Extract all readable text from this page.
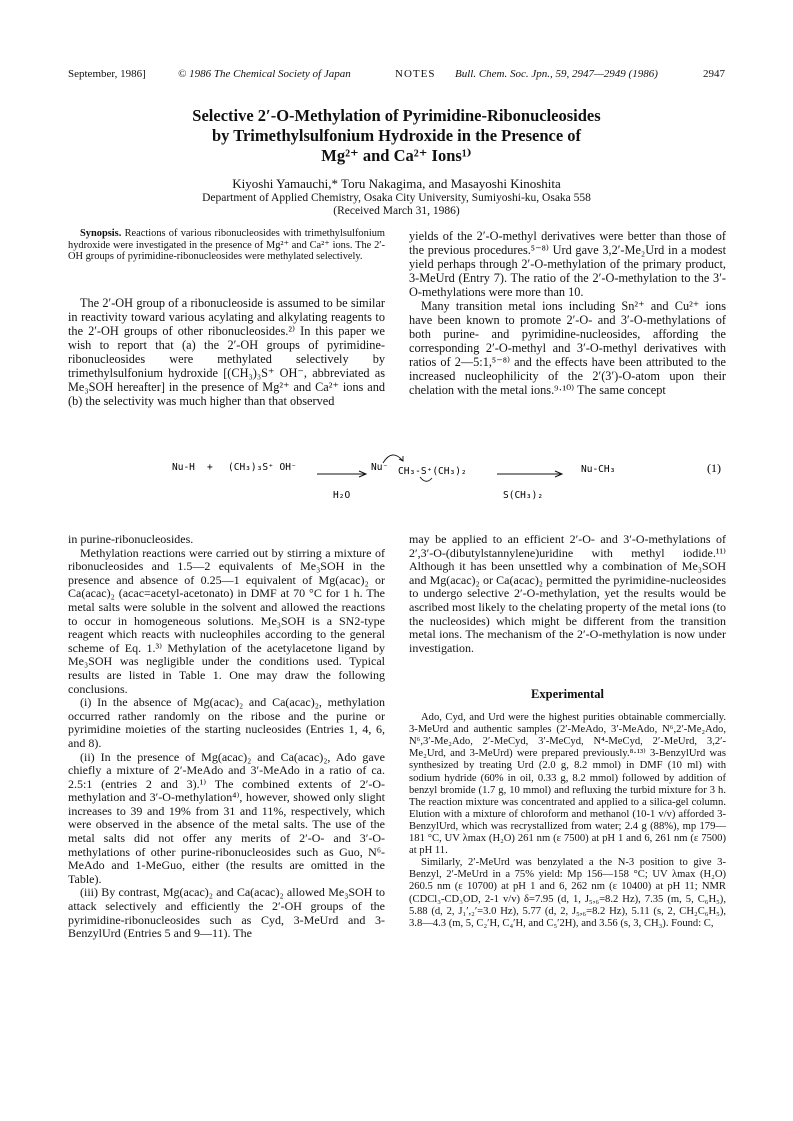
September, 1986]	© 1986 The Chemical Society of Japan	NOTES Bull. Chem. Soc. Jpn., 59, 2947—2949 (1986)	2947
Selective 2′-O-Methylation of Pyrimidine-Ribonucleosides
by Trimethylsulfonium Hydroxide in the Presence of
Mg²⁺ and Ca²⁺ Ions¹⁾
Kiyoshi Yamauchi,* Toru Nakagima, and Masayoshi Kinoshita
Department of Applied Chemistry, Osaka City University, Sumiyoshi-ku, Osaka 558
(Received March 31, 1986)

Synopsis. Reactions of various ribonucleosides with trimethylsulfonium hydroxide were investigated in the presence of Mg²⁺ and Ca²⁺ ions. The 2′-OH groups of pyrimidine-ribonucleosides were methylated selectively.

The 2′-OH group of a ribonucleoside is assumed to be similar in reactivity toward various acylating and alkylating reagents to the 2′-OH groups of other ribonucleosides.²⁾ In this paper we wish to report that (a) the 2′-OH groups of pyrimidine-ribonucleosides were methylated selectively by trimethylsulfonium hydroxide [(CH₃)₃S⁺ OH⁻, abbreviated as Me₃SOH hereafter] in the presence of Mg²⁺ and Ca²⁺ ions and (b) the selectivity was much higher than that observed

yields of the 2′-O-methyl derivatives were better than those of the previous procedures.⁵⁻⁸⁾ Urd gave 3,2′-Me₂Urd in a modest yield perhaps through 2′-O-methylation of the primary product, 3-MeUrd (Entry 7). The ratio of the 2′-O-methylation to the 3′-O-methylations were more than 10.

Many transition metal ions including Sn²⁺ and Cu²⁺ ions have been known to promote 2′-O- and 3′-O-methylations of both purine- and pyrimidine-nucleosides, affording the corresponding 2′-O-methyl and 3′-O-methyl derivatives with ratios of 2—5:1,⁵⁻⁸⁾ and the effects have been attributed to the increased nucleophilicity of the 2′(3′)-O-atom upon their chelation with the metal ions.⁹·¹⁰⁾ The same concept

Nu-H + (CH₃)₃S⁺ OH⁻
H₂O
Nu⁻ CH₃-S⁺(CH₃)₂
S(CH₃)₂
Nu-CH₃	(1)

in purine-ribonucleosides.

Methylation reactions were carried out by stirring a mixture of ribonucleosides and 1.5—2 equivalents of Me₃SOH in the presence and absence of 0.25—1 equivalent of Mg(acac)₂ or Ca(acac)₂ (acac=acetyl-acetonato) in DMF at 70 °C for 1 h. The metal salts were soluble in the solvent and allowed the reactions to occur in homogeneous solutions. Me₃SOH is a SN2-type reagent which reacts with nucleophiles according to the general scheme of Eq. 1.³⁾ Methylation of the acetylacetone ligand by Me₃SOH was negligible under the conditions used. Typical results are listed in Table 1. One may draw the following conclusions.

(i) In the absence of Mg(acac)₂ and Ca(acac)₂, methylation occurred rather randomly on the ribose and the purine or pyrimidine moieties of the starting nucleosides (Entries 1, 4, 6, and 8).

(ii) In the presence of Mg(acac)₂ and Ca(acac)₂, Ado gave chiefly a mixture of 2′-MeAdo and 3′-MeAdo in a ratio of ca. 2.5:1 (entries 2 and 3).¹⁾ The combined extents of 2′-O-methylation and 3′-O-methylation⁴⁾, however, showed only slight increases to 39 and 19% from 31 and 11%, respectively, which were observed in the absence of the metal salts. The use of the metal salts did not offer any merits of 2′-O- and 3′-O-methylations of other purine-ribonucleosides such as Guo, N⁶-MeAdo and 1-MeGuo, either (the results are omitted in the Table).

(iii) By contrast, Mg(acac)₂ and Ca(acac)₂ allowed Me₃SOH to attack selectively and efficiently the 2′-OH groups of the pyrimidine-ribonucleosides such as Cyd, 3-MeUrd and 3-BenzylUrd (Entries 5 and 9—11). The

may be applied to an efficient 2′-O- and 3′-O-methylations of 2′,3′-O-(dibutylstannylene)uridine with methyl iodide.¹¹⁾ Although it has been unsettled why a combination of Me₃SOH and Mg(acac)₂ or Ca(acac)₂ permitted the pyrimidine-nucleosides to undergo selective 2′-O-methylation, yet the results would be ascribed most likely to the chelating property of the metal ions (to the nucleosides) which might be different from the transition metal ions. The mechanism of the 2′-O-methylation is now under investigation.

Experimental

Ado, Cyd, and Urd were the highest purities obtainable commercially. 3-MeUrd and authentic samples (2′-MeAdo, 3′-MeAdo, N⁶,2′-Me₂Ado, N⁶,3′-Me₂Ado, 2′-MeCyd, 3′-MeCyd, N⁴-MeCyd, 2′-MeUrd, 3,2′-Me₂Urd, and 3-MeUrd) were prepared previously.⁸·¹³⁾ 3-BenzylUrd was synthesized by treating Urd (2.0 g, 8.2 mmol) in DMF (10 ml) with sodium hydride (60% in oil, 0.33 g, 8.2 mmol) followed by addition of benzyl bromide (1.7 g, 10 mmol) and refluxing the turbid mixture for 3 h. The reaction mixture was concentrated and applied to a silica-gel column. Elution with a mixture of chloroform and methanol (10-1 v/v) afforded 3-BenzylUrd, which was recrystallized from water; 2.4 g (88%), mp 179—181 °C, UV λmax (H₂O) 261 nm (ε 7500) at pH 1 and 6, 261 nm (ε 7500) at pH 11.

Similarly, 2′-MeUrd was benzylated a the N-3 position to give 3-Benzyl, 2′-MeUrd in a 75% yield: Mp 156—158 °C; UV λmax (H₂O) 260.5 nm (ε 10700) at pH 1 and 6, 262 nm (ε 10400) at pH 11; NMR (CDCl₃-CD₃OD, 2-1 v/v) δ=7.95 (d, 1, J₅,₆=8.2 Hz), 7.35 (m, 5, C₆H₅), 5.88 (d, 2, J₁′,₂′=3.0 Hz), 5.77 (d, 2, J₅,₆=8.2 Hz), 5.11 (s, 2, CH₂C₆H₅), 3.8—4.3 (m, 5, C₂′H, C₄′H, and C₅′2H), and 3.56 (s, 3, CH₃). Found: C,
